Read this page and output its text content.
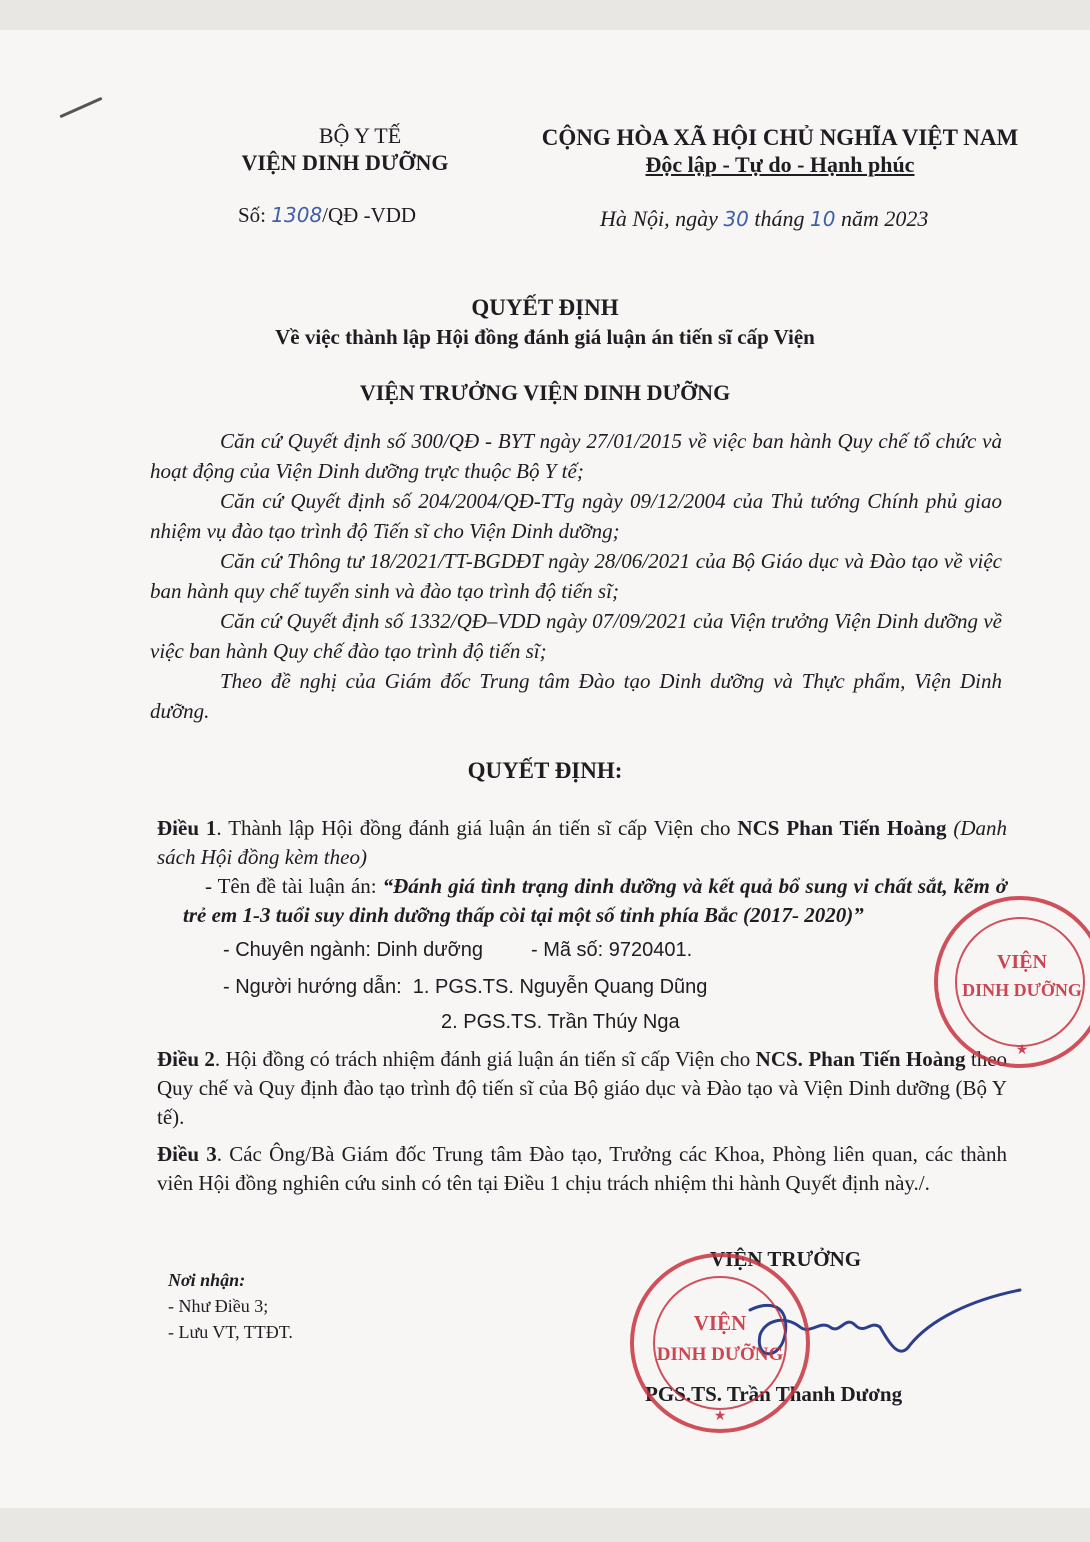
BỘ Y TẾ
VIỆN DINH DƯỠNG
Số: 1308/QĐ -VDD
CỘNG HÒA XÃ HỘI CHỦ NGHĨA VIỆT NAM
Độc lập - Tự do - Hạnh phúc
Hà Nội, ngày 30 tháng 10 năm 2023
QUYẾT ĐỊNH
Về việc thành lập Hội đồng đánh giá luận án tiến sĩ cấp Viện
VIỆN TRƯỞNG VIỆN DINH DƯỠNG

Căn cứ Quyết định số 300/QĐ - BYT ngày 27/01/2015 về việc ban hành Quy chế tổ chức và hoạt động của Viện Dinh dưỡng trực thuộc Bộ Y tế;

Căn cứ Quyết định số 204/2004/QĐ-TTg ngày 09/12/2004 của Thủ tướng Chính phủ giao nhiệm vụ đào tạo trình độ Tiến sĩ cho Viện Dinh dưỡng;

Căn cứ Thông tư 18/2021/TT-BGDĐT ngày 28/06/2021 của Bộ Giáo dục và Đào tạo về việc ban hành quy chế tuyển sinh và đào tạo trình độ tiến sĩ;

Căn cứ Quyết định số 1332/QĐ–VDD ngày 07/09/2021 của Viện trưởng Viện Dinh dưỡng về việc ban hành Quy chế đào tạo trình độ tiến sĩ;

Theo đề nghị của Giám đốc Trung tâm Đào tạo Dinh dưỡng và Thực phẩm, Viện Dinh dưỡng.

QUYẾT ĐỊNH:

Điều 1. Thành lập Hội đồng đánh giá luận án tiến sĩ cấp Viện cho NCS Phan Tiến Hoàng (Danh sách Hội đồng kèm theo)

- Tên đề tài luận án: “Đánh giá tình trạng dinh dưỡng và kết quả bổ sung vi chất sắt, kẽm ở trẻ em 1-3 tuổi suy dinh dưỡng thấp còi tại một số tỉnh phía Bắc (2017- 2020)”

- Chuyên ngành: Dinh dưỡng - Mã số: 9720401.

- Người hướng dẫn: 1. PGS.TS. Nguyễn Quang Dũng

2. PGS.TS. Trần Thúy Nga

Điều 2. Hội đồng có trách nhiệm đánh giá luận án tiến sĩ cấp Viện cho NCS. Phan Tiến Hoàng theo Quy chế và Quy định đào tạo trình độ tiến sĩ của Bộ giáo dục và Đào tạo và Viện Dinh dưỡng (Bộ Y tế).

Điều 3. Các Ông/Bà Giám đốc Trung tâm Đào tạo, Trưởng các Khoa, Phòng liên quan, các thành viên Hội đồng nghiên cứu sinh có tên tại Điều 1 chịu trách nhiệm thi hành Quyết định này./.

Nơi nhận:
- Như Điều 3;
- Lưu VT, TTĐT.
VIỆN TRƯỞNG
PGS.TS. Trần Thanh Dương
VIỆN
DINH DƯỠNG
★
VIỆN
DINH DƯỠNG
★
